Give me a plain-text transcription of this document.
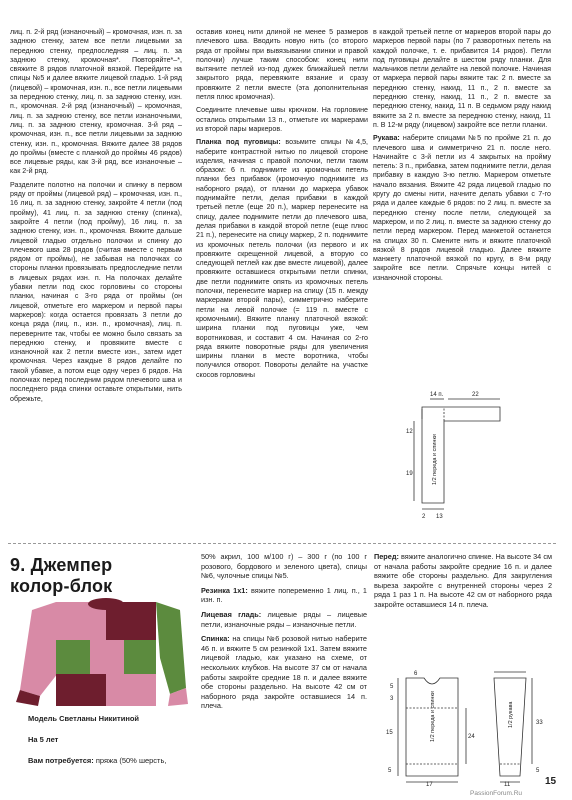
лиц. п. 2-й ряд (изнаночный) – кромочная, изн. п. за заднюю стенку, затем все петли лицевыми за переднюю стенку, предпоследняя – лиц. п. за заднюю стенку, кромочная*. Повторяйте*–*, свяжите 8 рядов платочной вязкой. Перейдите на спицы №5 и далее вяжите лицевой гладью. 1-й ряд (лицевой) – кромочная, изн. п., все петли лицевыми за переднюю стенку, лиц. п. за заднюю стенку, изн. п., кромочная. 2-й ряд (изнаночный) – кромочная, лиц. п. за заднюю стенку, все петли изнаночными, лиц. п. за заднюю стенку, кромочная. 3-й ряд – кромочная, изн. п., все петли лицевыми за заднюю стенку, изн. п., кромочная. Вяжите далее 38 рядов до проймы (вместе с планкой до проймы 46 рядов) все лицевые ряды, как 3-й ряд, все изнаночные – как 2-й ряд.

Разделите полотно на полочки и спинку в первом ряду от проймы (лицевой ряд) – кромочная, изн. п., 16 лиц. п. за заднюю стенку, закройте 4 петли (под пройму), 41 лиц. п. за заднюю стенку (спинка), закройте 4 петли (под пройму), 16 лиц. п. за заднюю стенку, изн. п., кромочная. Вяжите дальше лицевой гладью отдельно полочки и спинку до плечевого шва 28 рядов (считая вместе с первым рядом от проймы), не забывая на полочках со стороны планки провязывать предпоследние петли в лицевых рядах изн. п. На полочках делайте убавки петли под скос горловины со стороны планки, начиная с 3-го ряда от проймы (он лицевой, отметьте его маркером и первой пары маркеров): когда остается провязать 3 петли до конца ряда (лиц. п., изн. п., кромочная), лиц. п. переверните так, чтобы ее можно было связать за переднюю стенку, и провяжите вместе с изнаночной как 2 петли вместе изн., затем идет кромочная. Через каждые 8 рядов делайте по такой убавке, а потом еще одну через 6 рядов. На полочках перед последним рядом плечевого шва и последнего ряда спинки оставьте открытыми, нить обрежьте,

оставив конец нити длиной не менее 5 размеров плечевого шва. Вводить новую нить (со второго ряда от проймы при вывязывании спинки и правой полочки) лучше таким способом: конец нити вытяните петлей из-под дужек ближайшей петли закрытого ряда, перевяжите вязание и сразу провяжите 2 петли вместе (эта дополнительная петля плюс кромочная).

Соедините плечевые швы крючком. На горловине остались открытыми 13 п., отметьте их маркерами из второй пары маркеров.

Планка под пуговицы: возьмите спицы №4,5, наберите контрастной нитью по лицевой стороне изделия, начиная с правой полочки, петли таким образом: 6 п. поднимите из кромочных петель планки без прибавок (кромочную поднимите из наборного ряда), от планки до маркера убавок поднимайте петли, делая прибавки в каждой третьей петле (еще 20 п.), маркер перенесите на спицу, далее поднимите петли до плечевого шва, делая прибавки в каждой второй петле (еще плюс 21 п.), перенесите на спицу маркер, 2 п. поднимите из кромочных петель полочки (из первого и их провяжите скрещенной лицевой, а вторую со следующей петлей как две вместе лицевой), далее провяжите оставшиеся открытыми петли спинки, две петли поднимите опять из кромочных петель полочки, перенесите маркер на спицу (15 п. между маркерами второй пары), симметрично наберите петли на левой полочке (= 119 п. вместе с кромочными). Вяжите планку платочной вязкой: ширина планки под пуговицы уже, чем воротниковая, и составит 4 см. Начиная со 2-го ряда вяжите поворотные ряды для увеличения ширины планки в месте воротника, чтобы получился отворот. Повороты делайте на участке скосов горловины

в каждой третьей петле от маркеров второй пары до маркеров первой пары (по 7 разворотных петель на каждой полочке, т. е. прибавится 14 рядов). Петли под пуговицы делайте в шестом ряду планки. Для мальчиков петли делайте на левой полочке. Начиная от маркера первой пары вяжите так: 2 п. вместе за переднюю стенку, накид, 11 п., 2 п. вместе за переднюю стенку, накид, 11 п., 2 п. вместе за переднюю стенку, накид, 11 п. В седьмом ряду накид вяжите за 2 п. вместе за переднюю стенку, накид, 11 п. В 12-м ряду (лицевом) закройте все петли планки.

Рукава: наберите спицами №5 по пройме 21 п. до плечевого шва и симметрично 21 п. после него. Начинайте с 3-й петли из 4 закрытых на пройму петель: 3 п., прибавка, затем поднимите петли, делая прибавку в каждую 3-ю петлю. Маркером отметьте начало вязания. Вяжите 42 ряда лицевой гладью по кругу до смены нити, начните делать убавки с 7-го ряда и далее каждые 6 рядов: по 2 лиц. п. вместе за переднюю стенку после петли, следующей за маркером, и по 2 лиц. п. вместе за заднюю стенку до петли перед маркером. Перед манжетой останется на спицах 30 п. Смените нить и вяжите платочной вязкой 8 рядов лицевой гладью. Далее вяжите манжету платочной вязкой по кругу, в 8-м ряду закройте все петли. Спрячьте концы нитей с изнаночной стороны.

14 п.	22
12
19	1/2 переда и спинки
2 13
9. Джемпер
колор-блок
Модель Светланы Никитиной
На 5 лет
Вам потребуется: пряжа (50% шерсть,

50% акрил, 100 м/100 г) – 300 г (по 100 г розового, бордового и зеленого цвета), спицы №6, чулочные спицы №5.

Резинка 1х1: вяжите попеременно 1 лиц. п., 1 изн. п.

Лицевая гладь: лицевые ряды – лицевые петли, изнаночные ряды – изнаночные петли.

Спинка: на спицы №6 розовой нитью наберите 46 п. и вяжите 5 см резинкой 1х1. Затем вяжите лицевой гладью, как указано на схеме, от нескольких клубков. На высоте 37 см от начала работы закройте средние 18 п. и далее вяжите обе стороны раздельно. На высоте 42 см от наборного ряда закройте оставшиеся 14 п. плеча.

Перед: вяжите аналогично спинке. На высоте 34 см от начала работы закройте средние 16 п. и далее вяжите обе стороны раздельно. Для закругления выреза закройте с внутренней стороны через 2 ряда 1 раз 1 п. На высоте 42 см от наборного ряда закройте оставшиеся 14 п. плеча.

6
5
3
15	1/2 переда и спинки	24
17
5
1/2 рукава	33
5
11	15
PassionForum.Ru
